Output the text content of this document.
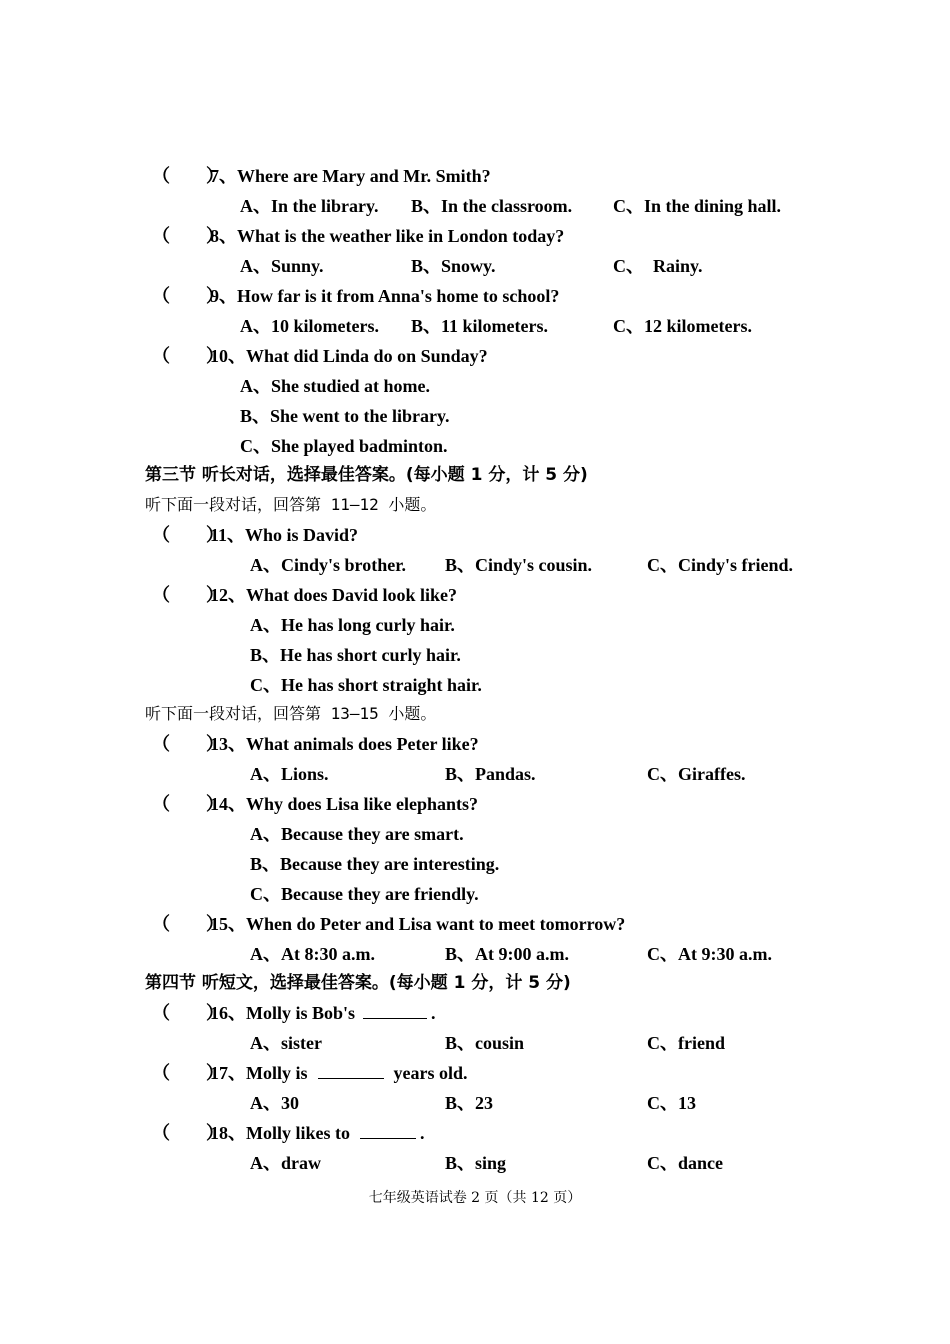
（　　）
7、Where are Mary and Mr. Smith?
A、In the library. B、In the classroom. C、In the dining hall.
（　　）
8、What is the weather like in London today?
A、Sunny.	B、Snowy.	C、　Rainy.
（　　）
9、How far is it from Anna's home to school?
A、10 kilometers. B、11 kilometers.	C、12 kilometers.
（　　）
10、What did Linda do on Sunday?
A、She studied at home.
B、She went to the library.
C、She played badminton.
第三节 听长对话，选择最佳答案。(每小题 1 分，计 5 分)
听下面一段对话，回答第 11—12 小题。
（　　）
11、Who is David?
A、Cindy's brother. B、Cindy's cousin.	C、Cindy's friend.
（　　）
12、What does David look like?
A、He has long curly hair.
B、He has short curly hair.
C、He has short straight hair.
听下面一段对话，回答第 13—15 小题。
（　　）
13、What animals does Peter like?
A、Lions.	B、Pandas.	C、Giraffes.
（　　）
14、Why does Lisa like elephants?
A、Because they are smart.
B、Because they are interesting.
C、Because they are friendly.
（　　）
15、When do Peter and Lisa want to meet tomorrow?
A、At 8:30 a.m.	B、At 9:00 a.m.	C、At 9:30 a.m.
第四节 听短文，选择最佳答案。(每小题 1 分，计 5 分)
（　　）
16、Molly is Bob's	.
A、sister	B、cousin	C、friend
（　　）
17、Molly is	years old.
A、30	B、23	C、13
（　　）
18、Molly likes to	.
A、draw	B、sing	C、dance
七年级英语试卷 2 页（共 12 页）
